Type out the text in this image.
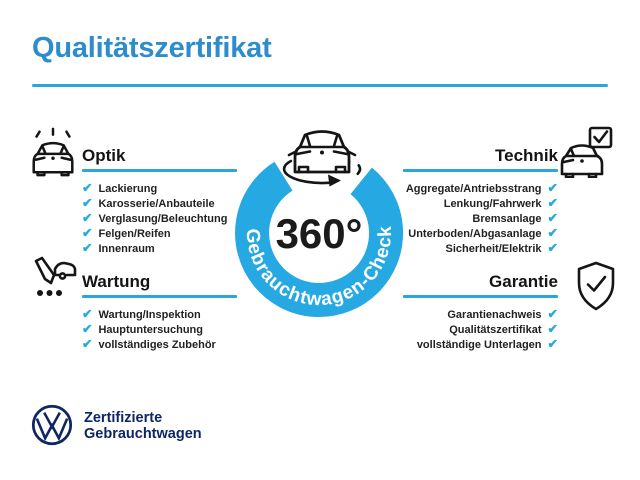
Qualitätszertifikat
Gebrauchtwagen-Check
360°
Optik
✔ Lackierung
✔ Karosserie/Anbauteile
✔ Verglasung/Beleuchtung
✔ Felgen/Reifen
✔ Innenraum
Technik
✔
Aggregate/Antriebsstrang
✔
Lenkung/Fahrwerk
✔
Bremsanlage
✔
Unterboden/Abgasanlage
✔
Sicherheit/Elektrik
Wartung
✔ Wartung/Inspektion
✔ Hauptuntersuchung
✔ vollständiges Zubehör
Garantie
✔
Garantienachweis
✔
Qualitätszertifikat
✔
vollständige Unterlagen
Zertifizierte
Gebrauchtwagen
